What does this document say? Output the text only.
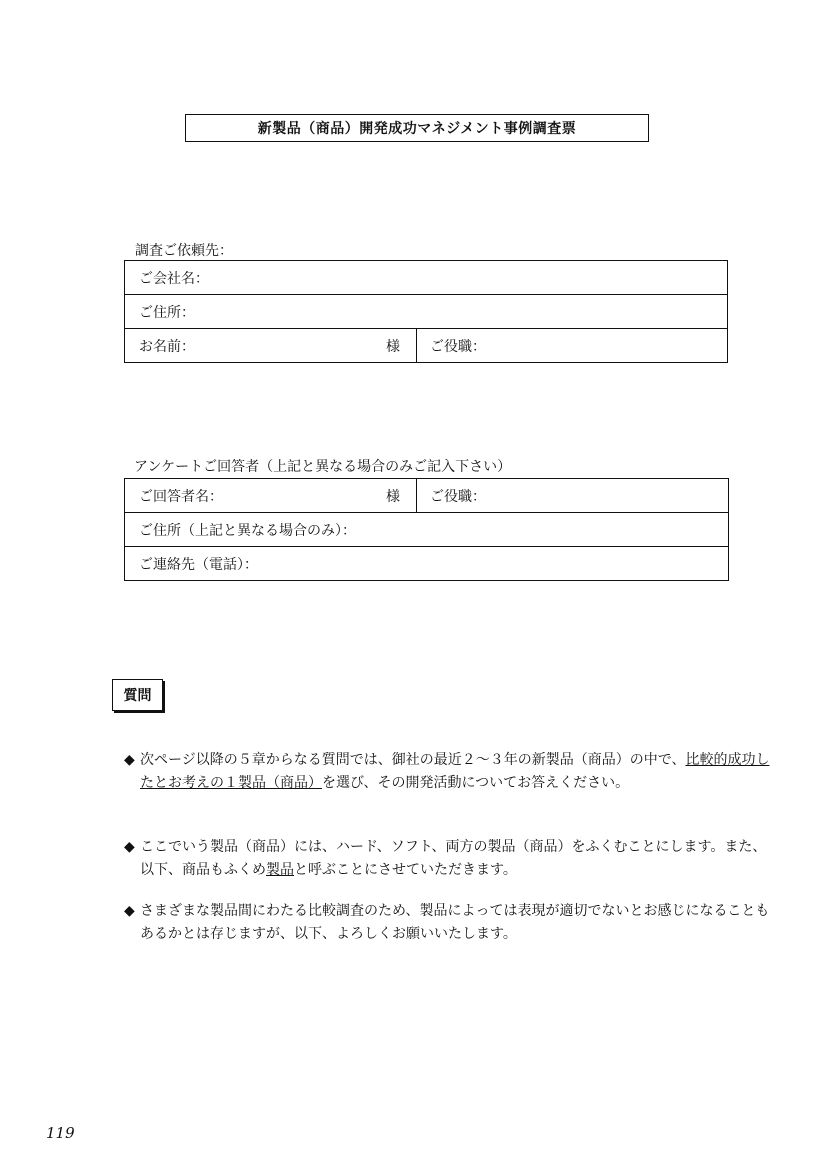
新製品（商品）開発成功マネジメント事例調査票
調査ご依頼先：
ご会社名：
ご住所：
お名前：	様	ご役職：
アンケートご回答者（上記と異なる場合のみご記入下さい）
ご回答者名：	様	ご役職：
ご住所（上記と異なる場合のみ）：
ご連絡先（電話）：
質問
◆ 次ページ以降の５章からなる質問では、御社の最近２～３年の新製品（商品）の中で、比較的成功したとお考えの１製品（商品）を選び、その開発活動についてお答えください。
◆ ここでいう製品（商品）には、ハード、ソフト、両方の製品（商品）をふくむことにします。また、以下、商品もふくめ製品と呼ぶことにさせていただきます。
◆ さまざまな製品間にわたる比較調査のため、製品によっては表現が適切でないとお感じになることもあるかとは存じますが、以下、よろしくお願いいたします。
119
